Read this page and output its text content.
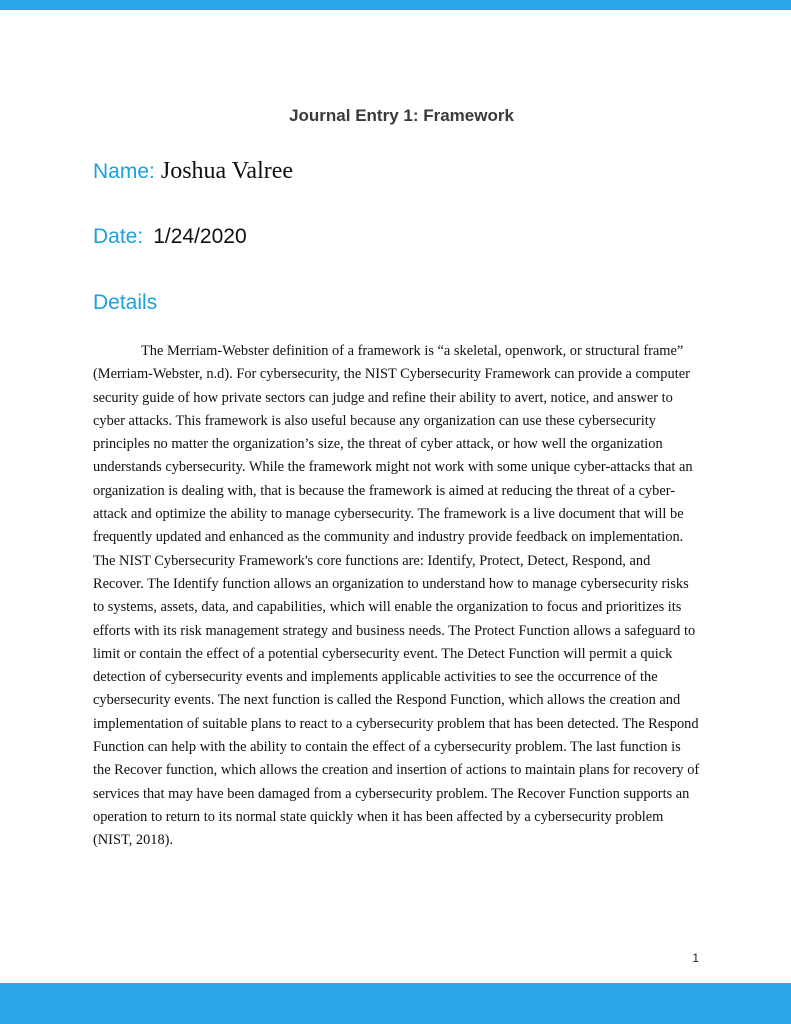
Journal Entry 1: Framework
Name: Joshua Valree
Date: 1/24/2020
Details

The Merriam-Webster definition of a framework is “a skeletal, openwork, or structural frame” (Merriam-Webster, n.d). For cybersecurity, the NIST Cybersecurity Framework can provide a computer security guide of how private sectors can judge and refine their ability to avert, notice, and answer to cyber attacks. This framework is also useful because any organization can use these cybersecurity principles no matter the organization’s size, the threat of cyber attack, or how well the organization understands cybersecurity. While the framework might not work with some unique cyber-attacks that an organization is dealing with, that is because the framework is aimed at reducing the threat of a cyber-attack and optimize the ability to manage cybersecurity. The framework is a live document that will be frequently updated and enhanced as the community and industry provide feedback on implementation. The NIST Cybersecurity Framework's core functions are: Identify, Protect, Detect, Respond, and Recover. The Identify function allows an organization to understand how to manage cybersecurity risks to systems, assets, data, and capabilities, which will enable the organization to focus and prioritizes its efforts with its risk management strategy and business needs. The Protect Function allows a safeguard to limit or contain the effect of a potential cybersecurity event. The Detect Function will permit a quick detection of cybersecurity events and implements applicable activities to see the occurrence of the cybersecurity events. The next function is called the Respond Function, which allows the creation and implementation of suitable plans to react to a cybersecurity problem that has been detected. The Respond Function can help with the ability to contain the effect of a cybersecurity problem. The last function is the Recover function, which allows the creation and insertion of actions to maintain plans for recovery of services that may have been damaged from a cybersecurity problem. The Recover Function supports an operation to return to its normal state quickly when it has been affected by a cybersecurity problem (NIST, 2018).

1
